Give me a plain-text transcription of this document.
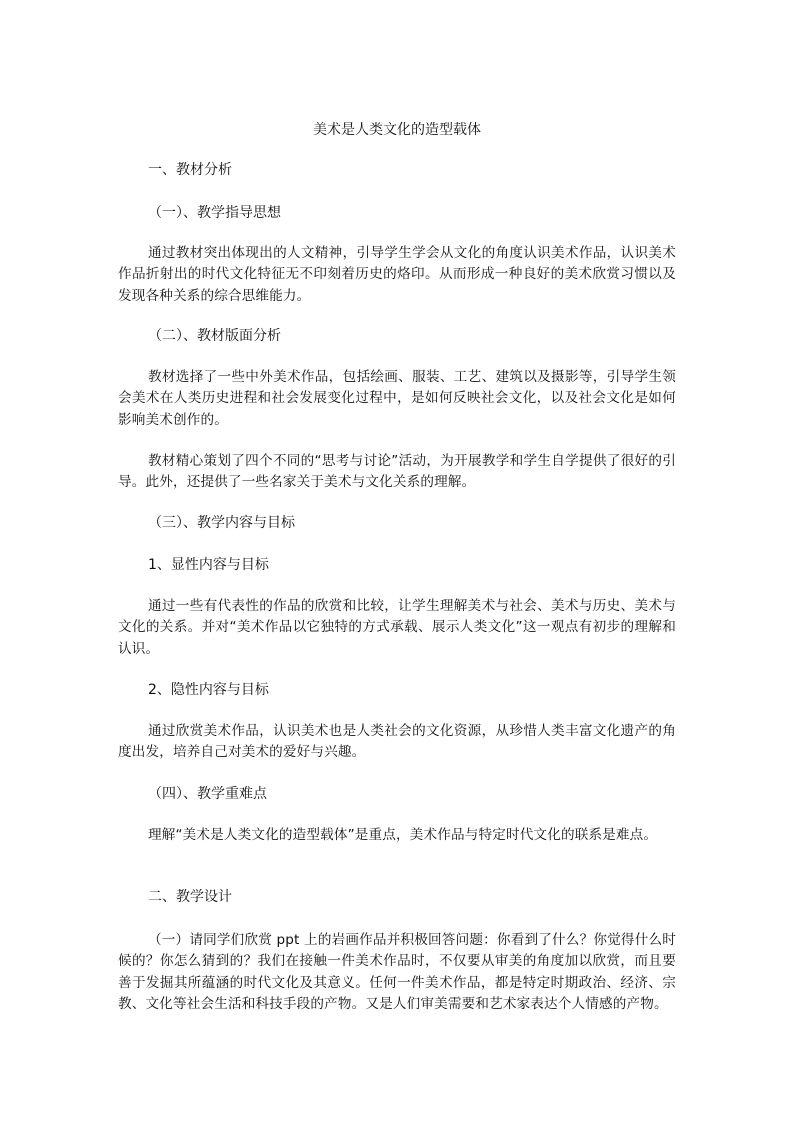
美术是人类文化的造型载体

一、教材分析

（一）、教学指导思想

通过教材突出体现出的人文精神，引导学生学会从文化的角度认识美术作品，认识美术作品折射出的时代文化特征无不印刻着历史的烙印。从而形成一种良好的美术欣赏习惯以及发现各种关系的综合思维能力。

（二）、教材版面分析

教材选择了一些中外美术作品，包括绘画、服装、工艺、建筑以及摄影等，引导学生领会美术在人类历史进程和社会发展变化过程中，是如何反映社会文化，以及社会文化是如何影响美术创作的。

教材精心策划了四个不同的“思考与讨论”活动，为开展教学和学生自学提供了很好的引导。此外，还提供了一些名家关于美术与文化关系的理解。

（三）、教学内容与目标

1、显性内容与目标

通过一些有代表性的作品的欣赏和比较，让学生理解美术与社会、美术与历史、美术与文化的关系。并对“美术作品以它独特的方式承载、展示人类文化”这一观点有初步的理解和认识。

2、隐性内容与目标

通过欣赏美术作品，认识美术也是人类社会的文化资源，从珍惜人类丰富文化遗产的角度出发，培养自己对美术的爱好与兴趣。

（四）、教学重难点

理解“美术是人类文化的造型载体”是重点，美术作品与特定时代文化的联系是难点。

二、教学设计

（一）请同学们欣赏 ppt 上的岩画作品并积极回答问题：你看到了什么？你觉得什么时候的？你怎么猜到的？我们在接触一件美术作品时，不仅要从审美的角度加以欣赏，而且要善于发掘其所蕴涵的时代文化及其意义。任何一件美术作品，都是特定时期政治、经济、宗教、文化等社会生活和科技手段的产物。又是人们审美需要和艺术家表达个人情感的产物。
